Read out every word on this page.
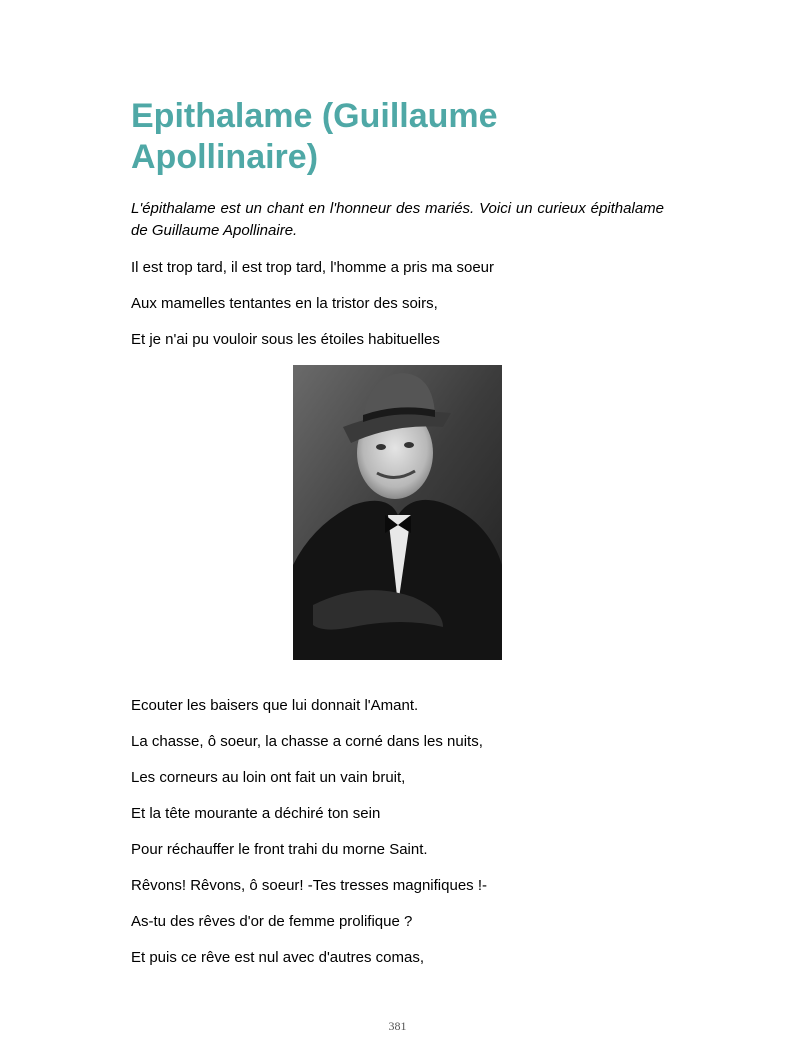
Epithalame (Guillaume Apollinaire)

L'épithalame est un chant en l'honneur des mariés. Voici un curieux épithalame de Guillaume Apollinaire.

Il est trop tard, il est trop tard, l'homme a pris ma soeur

Aux mamelles tentantes en la tristor des soirs,

Et je n'ai pu vouloir sous les étoiles habituelles

Ecouter les baisers que lui donnait l'Amant.

La chasse, ô soeur, la chasse a corné dans les nuits,

Les corneurs au loin ont fait un vain bruit,

Et la tête mourante a déchiré ton sein

Pour réchauffer le front trahi du morne Saint.

Rêvons! Rêvons, ô soeur! -Tes tresses magnifiques !-

As-tu des rêves d'or de femme prolifique ?

Et puis ce rêve est nul avec d'autres comas,

381
